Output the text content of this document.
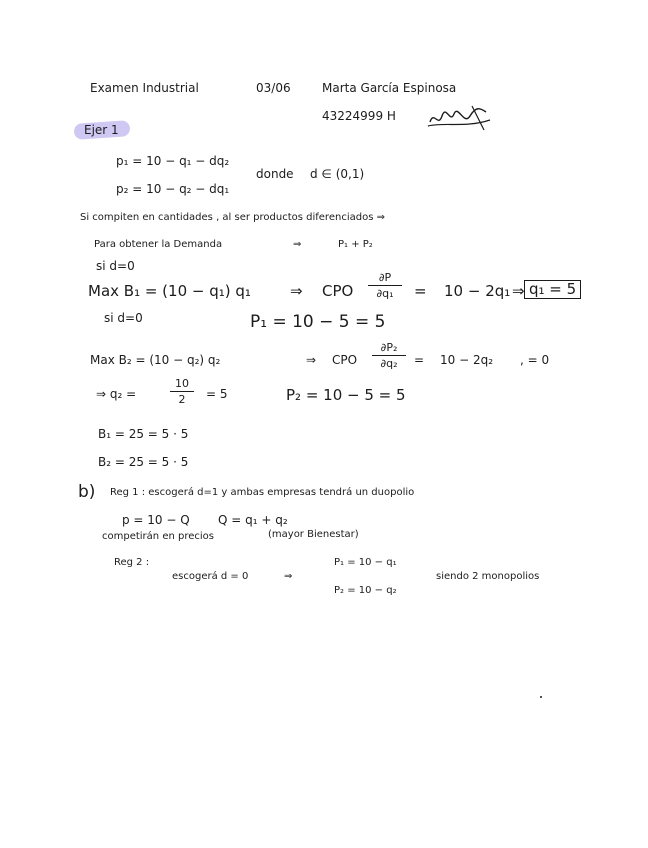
Examen Industrial	03/06	Marta García Espinosa
43224999 H
Ejer 1
p₁ = 10 − q₁ − dq₂
p₂ = 10 − q₂ − dq₁
donde d ∈ (0,1)
Si compiten en cantidades , al ser productos diferenciados ⇒
Para obtener la Demanda	⇒	P₁ + P₂
si d=0
Max B₁ = (10 − q₁) q₁	⇒ CPO $\frac{\partial P}{\text{∂q₁}} = 10 - 2q_1$ ⇒ q₁ = 5
si d=0	P₁ = 10 − 5 = 5
Max B₂ = (10 − q₂) q₂	⇒ CPO $\frac{\text{∂P₂}}{\text{∂q₂}} = 10 - 2q_2$ , = 0
⇒ q₂ =	$\frac{10}{2} = 5$	P₂ = 10 − 5 = 5
B₁ = 25 = 5 · 5
B₂ = 25 = 5 · 5
b) Reg 1 : escogerá d=1 y ambas empresas tendrá un duopolio
p = 10 − Q Q = q₁ + q₂
competirán en precios	(mayor Bienestar)
Reg 2 :
escogerá d = 0	⇒
P₁ = 10 − q₁
P₂ = 10 − q₂
siendo 2 monopolios
